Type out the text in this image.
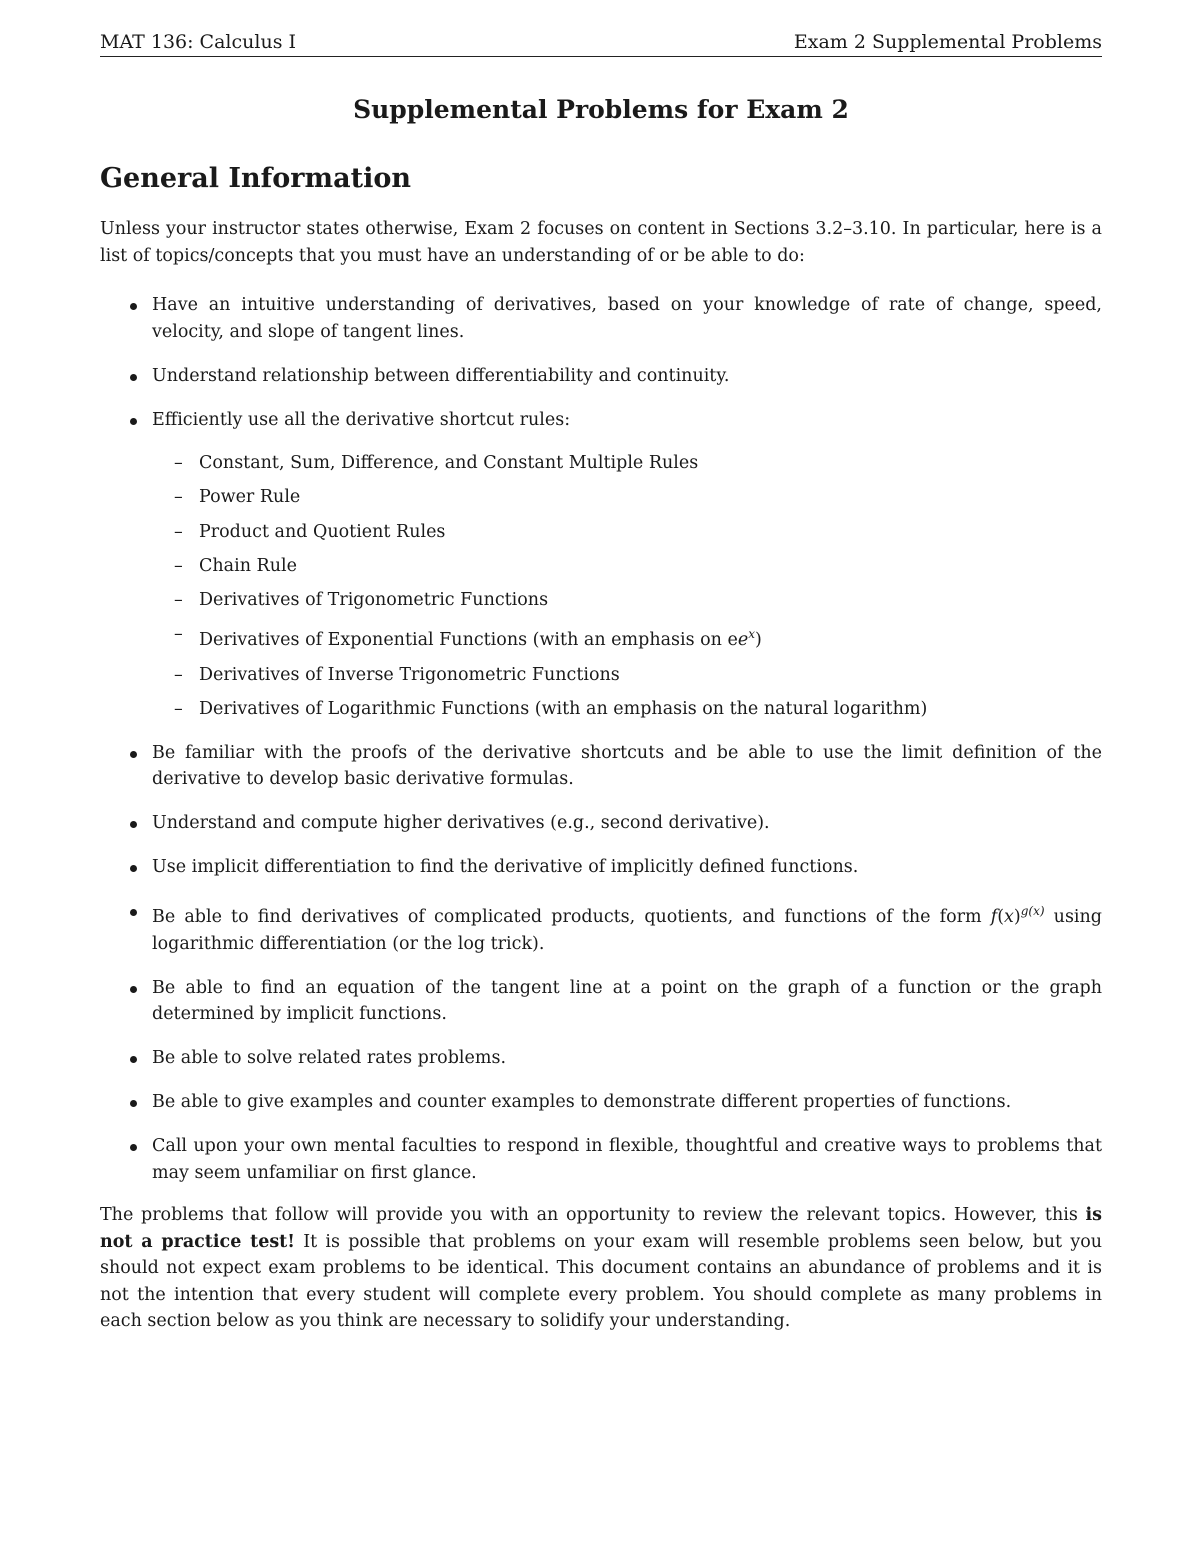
MAT 136: Calculus I	Exam 2 Supplemental Problems
Supplemental Problems for Exam 2
General Information
Unless your instructor states otherwise, Exam 2 focuses on content in Sections 3.2–3.10. In particular, here is a list of topics/concepts that you must have an understanding of or be able to do:
Have an intuitive understanding of derivatives, based on your knowledge of rate of change, speed, velocity, and slope of tangent lines.
Understand relationship between differentiability and continuity.
Efficiently use all the derivative shortcut rules:
– Constant, Sum, Difference, and Constant Multiple Rules
– Power Rule
– Product and Quotient Rules
– Chain Rule
– Derivatives of Trigonometric Functions
– Derivatives of Exponential Functions (with an emphasis on $ee^x$)
– Derivatives of Inverse Trigonometric Functions
– Derivatives of Logarithmic Functions (with an emphasis on the natural logarithm)
Be familiar with the proofs of the derivative shortcuts and be able to use the limit definition of the derivative to develop basic derivative formulas.
Understand and compute higher derivatives (e.g., second derivative).
Use implicit differentiation to find the derivative of implicitly defined functions.
Be able to find derivatives of complicated products, quotients, and functions of the form $f(x)^{g(x)}$ using logarithmic differentiation (or the log trick).
Be able to find an equation of the tangent line at a point on the graph of a function or the graph determined by implicit functions.
Be able to solve related rates problems.
Be able to give examples and counter examples to demonstrate different properties of functions.
Call upon your own mental faculties to respond in flexible, thoughtful and creative ways to problems that may seem unfamiliar on first glance.
The problems that follow will provide you with an opportunity to review the relevant topics. However, this is not a practice test! It is possible that problems on your exam will resemble problems seen below, but you should not expect exam problems to be identical. This document contains an abundance of problems and it is not the intention that every student will complete every problem. You should complete as many problems in each section below as you think are necessary to solidify your understanding.
